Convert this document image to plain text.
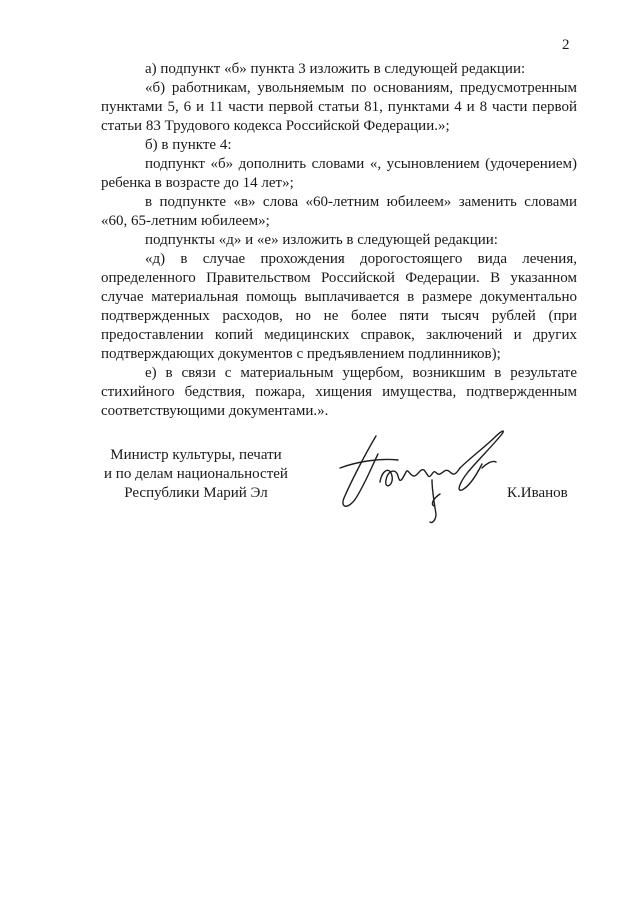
2

а) подпункт «б» пункта 3 изложить в следующей редакции:

«б) работникам, увольняемым по основаниям, предусмотренным пунктами 5, 6 и 11 части первой статьи 81, пунктами 4 и 8 части первой статьи 83 Трудового кодекса Российской Федерации.»;

б) в пункте 4:

подпункт «б» дополнить словами «, усыновлением (удочерением) ребенка в возрасте до 14 лет»;

в подпункте «в» слова «60-летним юбилеем» заменить словами «60, 65-летним юбилеем»;

подпункты «д» и «е» изложить в следующей редакции:

«д) в случае прохождения дорогостоящего вида лечения, определенного Правительством Российской Федерации. В указанном случае материальная помощь выплачивается в размере документально подтвержденных расходов, но не более пяти тысяч рублей (при предоставлении копий медицинских справок, заключений и других подтверждающих документов с предъявлением подлинников);

е) в связи с материальным ущербом, возникшим в результате стихийного бедствия, пожара, хищения имущества, подтвержденным соответствующими документами.».

Министр культуры, печати
и по делам национальностей
Республики Марий Эл	К.Иванов
